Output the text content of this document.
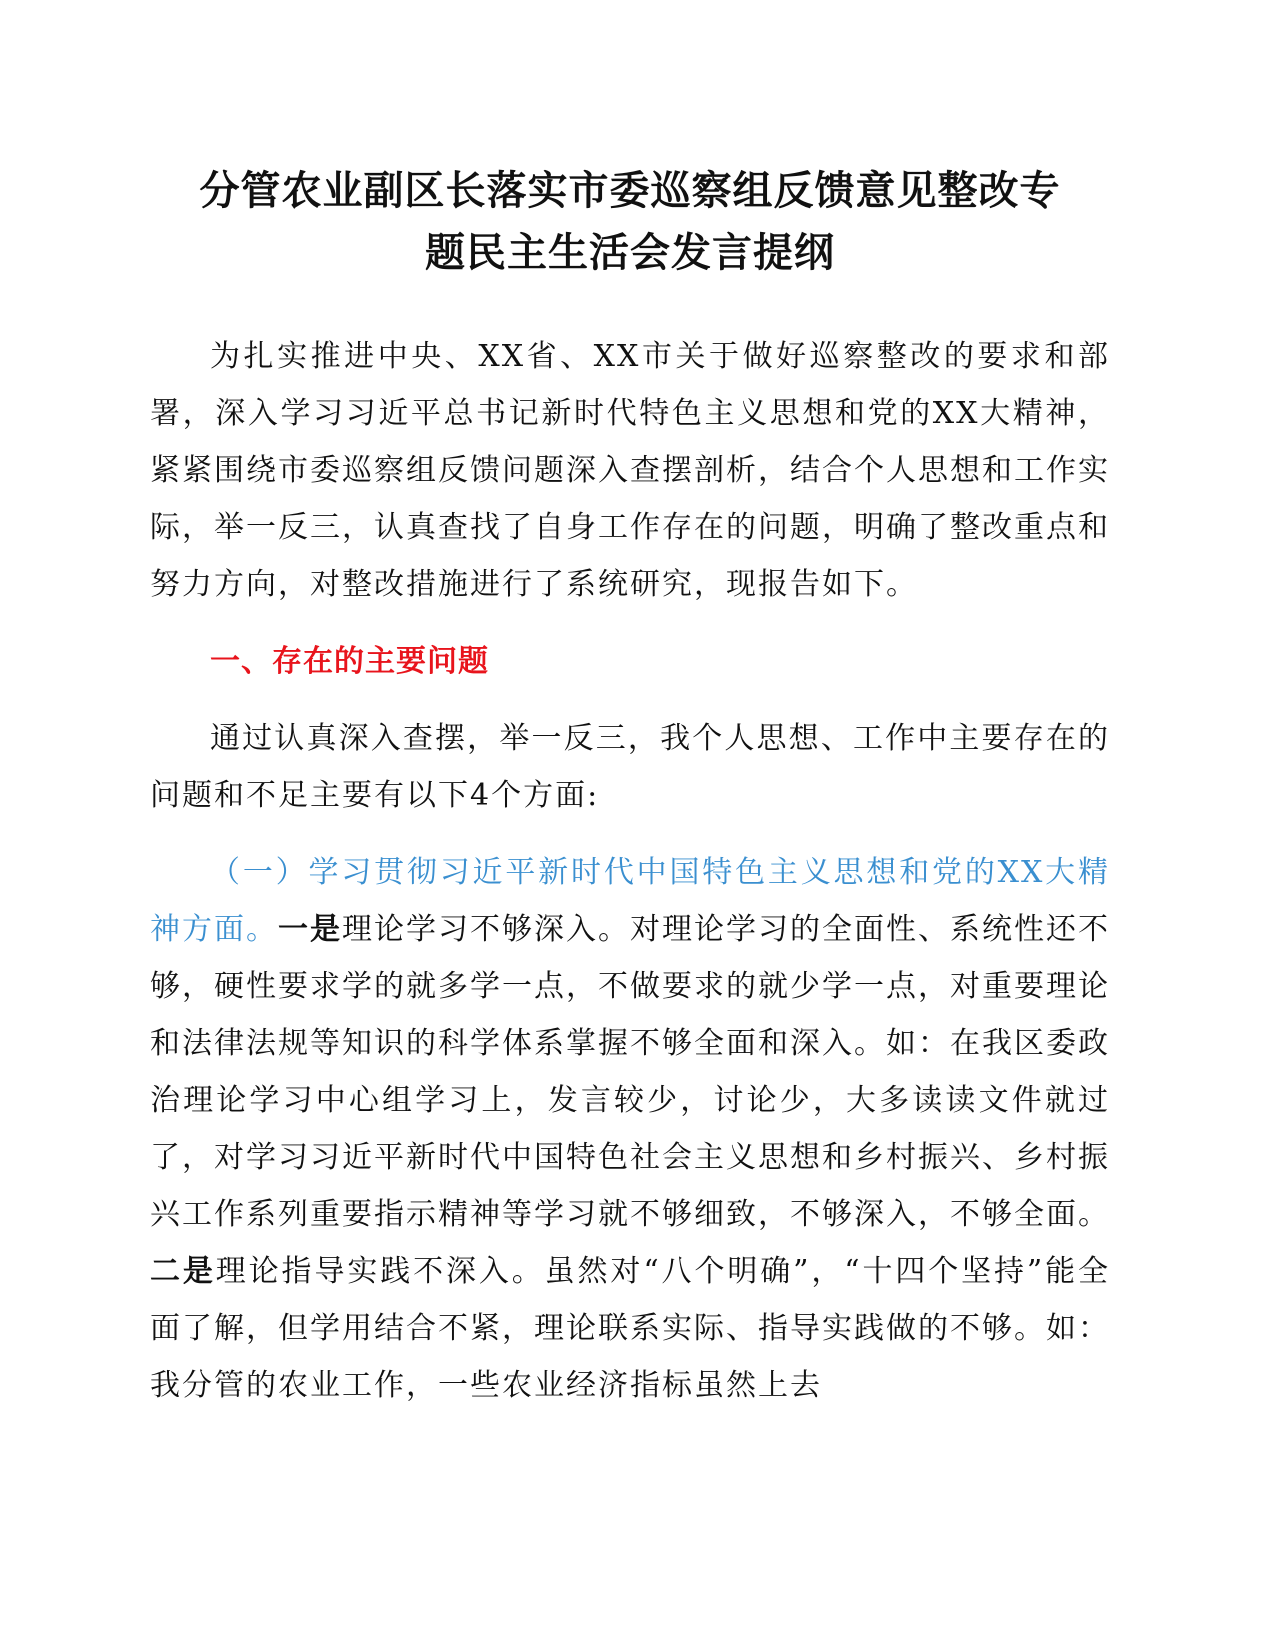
分管农业副区长落实市委巡察组反馈意见整改专
题民主生活会发言提纲

为扎实推进中央、XX省、XX市关于做好巡察整改的要求和部署，深入学习习近平总书记新时代特色主义思想和党的XX大精神，紧紧围绕市委巡察组反馈问题深入查摆剖析，结合个人思想和工作实际，举一反三，认真查找了自身工作存在的问题，明确了整改重点和努力方向，对整改措施进行了系统研究，现报告如下。

一、存在的主要问题

通过认真深入查摆，举一反三，我个人思想、工作中主要存在的问题和不足主要有以下4个方面:

（一）学习贯彻习近平新时代中国特色主义思想和党的XX大精神方面。一是理论学习不够深入。对理论学习的全面性、系统性还不够，硬性要求学的就多学一点，不做要求的就少学一点，对重要理论和法律法规等知识的科学体系掌握不够全面和深入。如：在我区委政治理论学习中心组学习上，发言较少，讨论少，大多读读文件就过了，对学习习近平新时代中国特色社会主义思想和乡村振兴、乡村振兴工作系列重要指示精神等学习就不够细致，不够深入，不够全面。二是理论指导实践不深入。虽然对“八个明确”，“十四个坚持”能全面了解，但学用结合不紧，理论联系实际、指导实践做的不够。如：我分管的农业工作，一些农业经济指标虽然上去
